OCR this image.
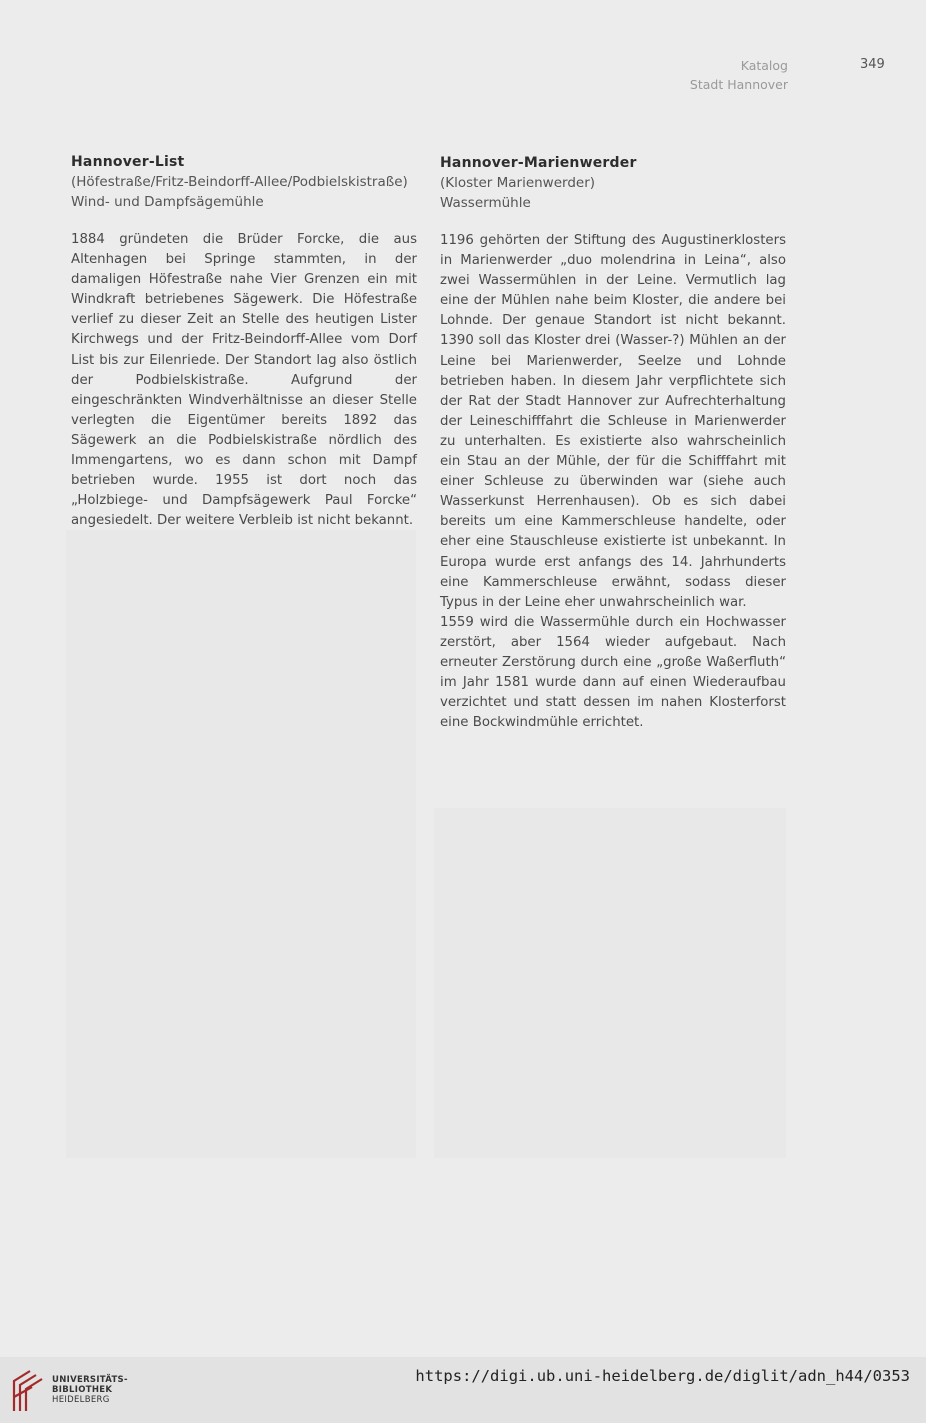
Katalog
Stadt Hannover
349
Hannover-List
(Höfestraße/Fritz-Beindorff-Allee/Podbielskistraße)
Wind- und Dampfsägemühle

1884 gründeten die Brüder Forcke, die aus Altenhagen bei Springe stammten, in der damaligen Höfestraße nahe Vier Grenzen ein mit Windkraft betriebenes Sägewerk. Die Höfestraße verlief zu dieser Zeit an Stelle des heutigen Lister Kirchwegs und der Fritz-Beindorff-Allee vom Dorf List bis zur Eilenriede. Der Standort lag also östlich der Podbielskistraße. Aufgrund der eingeschränkten Windverhältnisse an dieser Stelle verlegten die Eigentümer bereits 1892 das Sägewerk an die Podbielskistraße nördlich des Immengartens, wo es dann schon mit Dampf betrieben wurde. 1955 ist dort noch das „Holzbiege- und Dampfsägewerk Paul Forcke“ angesiedelt. Der weitere Verbleib ist nicht bekannt.

Hannover-Marienwerder
(Kloster Marienwerder)
Wassermühle

1196 gehörten der Stiftung des Augustinerklosters in Marienwerder „duo molendrina in Leina“, also zwei Wassermühlen in der Leine. Vermutlich lag eine der Mühlen nahe beim Kloster, die andere bei Lohnde. Der genaue Standort ist nicht bekannt. 1390 soll das Kloster drei (Wasser-?) Mühlen an der Leine bei Marienwerder, Seelze und Lohnde betrieben haben. In diesem Jahr verpflichtete sich der Rat der Stadt Hannover zur Aufrechterhaltung der Leineschifffahrt die Schleuse in Marienwerder zu unterhalten. Es existierte also wahrscheinlich ein Stau an der Mühle, der für die Schifffahrt mit einer Schleuse zu überwinden war (siehe auch Wasserkunst Herrenhausen). Ob es sich dabei bereits um eine Kammerschleuse handelte, oder eher eine Stauschleuse existierte ist unbekannt. In Europa wurde erst anfangs des 14. Jahrhunderts eine Kammerschleuse erwähnt, sodass dieser Typus in der Leine eher unwahrscheinlich war.

1559 wird die Wassermühle durch ein Hochwasser zerstört, aber 1564 wieder aufgebaut. Nach erneuter Zerstörung durch eine „große Waßerfluth“ im Jahr 1581 wurde dann auf einen Wiederaufbau verzichtet und statt dessen im nahen Klosterforst eine Bockwindmühle errichtet.

UNIVERSITÄTS-
BIBLIOTHEK
HEIDELBERG
https://digi.ub.uni-heidelberg.de/diglit/adn_h44/0353
